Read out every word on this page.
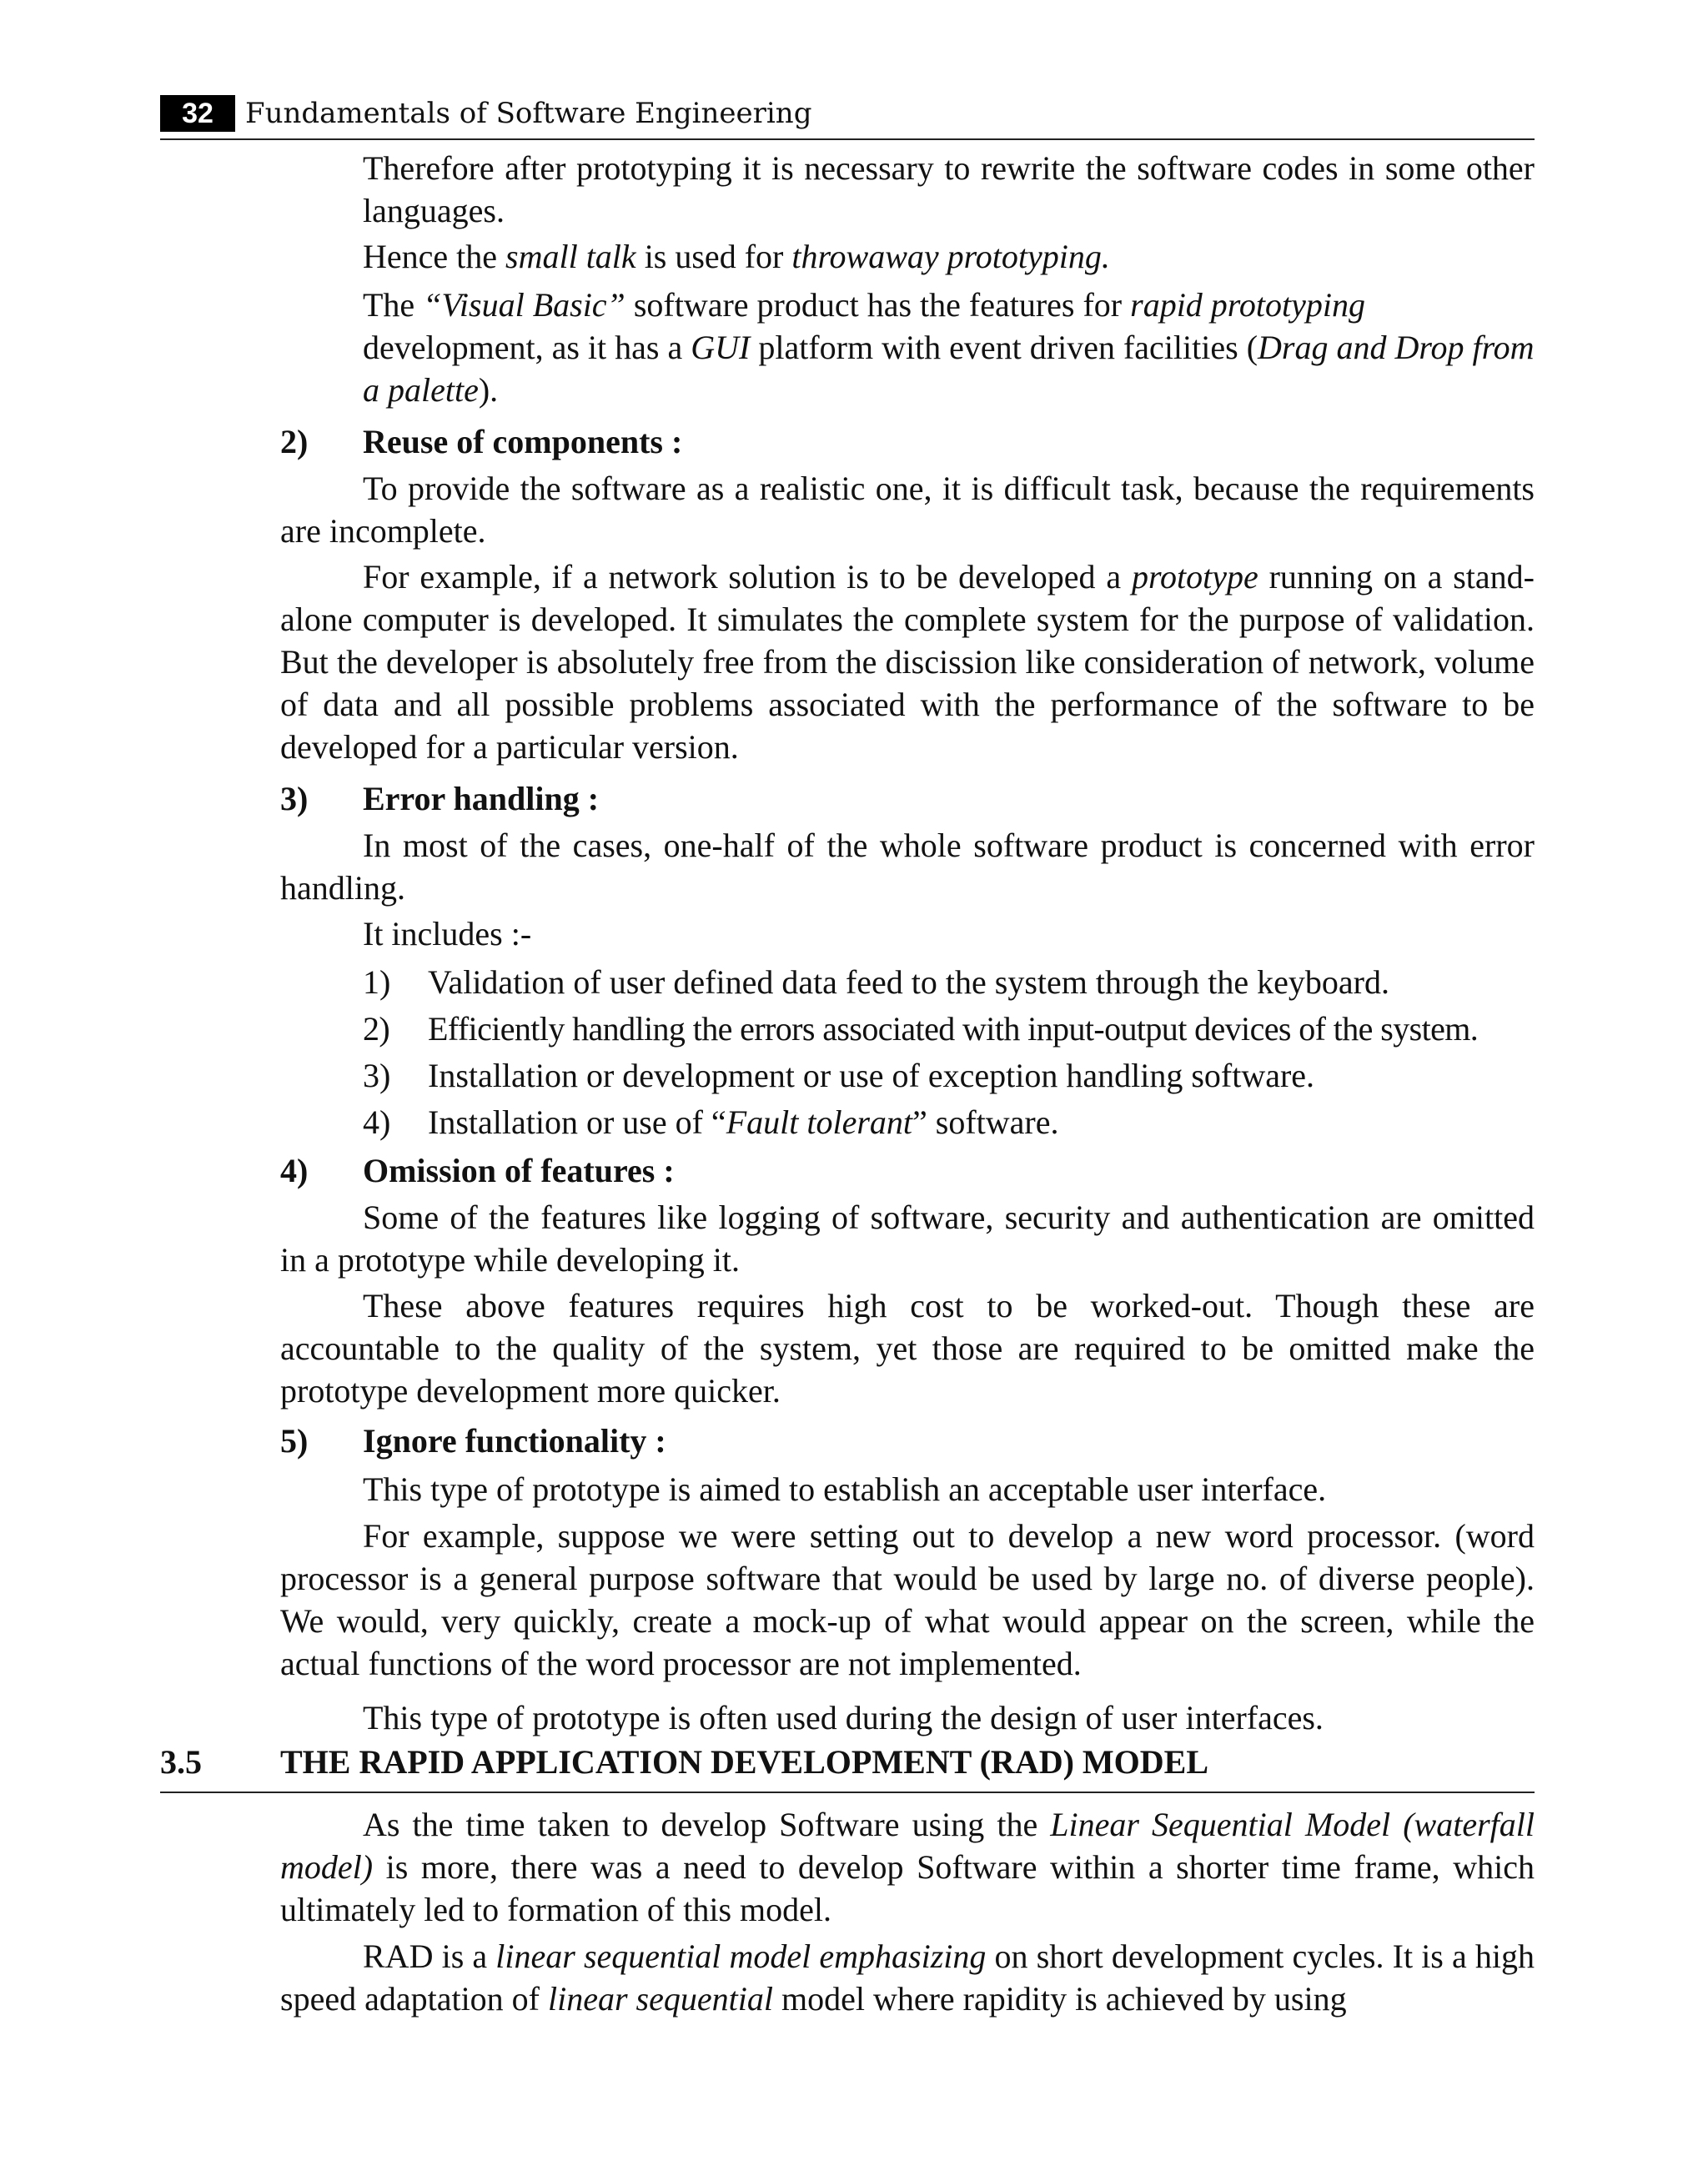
32	Fundamentals of Software Engineering

Therefore after prototyping it is necessary to rewrite the software codes in some other languages.

Hence the small talk is used for throwaway prototyping.

The “Visual Basic” software product has the features for rapid prototyping development, as it has a GUI platform with event driven facilities (Drag and Drop from a palette).

2) Reuse of components :

To provide the software as a realistic one, it is difficult task, because the requirements are incomplete.

For example, if a network solution is to be developed a prototype running on a stand-alone computer is developed. It simulates the complete system for the purpose of validation. But the developer is absolutely free from the discission like consideration of network, volume of data and all possible problems associated with the performance of the software to be developed for a particular version.

3) Error handling :

In most of the cases, one-half of the whole software product is concerned with error handling.

It includes :-

1) Validation of user defined data feed to the system through the keyboard.
2) Efficiently handling the errors associated with input-output devices of the system.
3) Installation or development or use of exception handling software.
4) Installation or use of “Fault tolerant” software.
4) Omission of features :

Some of the features like logging of software, security and authentication are omitted in a prototype while developing it.

These above features requires high cost to be worked-out. Though these are accountable to the quality of the system, yet those are required to be omitted make the prototype development more quicker.

5) Ignore functionality :

This type of prototype is aimed to establish an acceptable user interface.

For example, suppose we were setting out to develop a new word processor. (word processor is a general purpose software that would be used by large no. of diverse people). We would, very quickly, create a mock-up of what would appear on the screen, while the actual functions of the word processor are not implemented.

This type of prototype is often used during the design of user interfaces.

3.5 THE RAPID APPLICATION DEVELOPMENT (RAD) MODEL

As the time taken to develop Software using the Linear Sequential Model (waterfall model) is more, there was a need to develop Software within a shorter time frame, which ultimately led to formation of this model.

RAD is a linear sequential model emphasizing on short development cycles. It is a high speed adaptation of linear sequential model where rapidity is achieved by using
